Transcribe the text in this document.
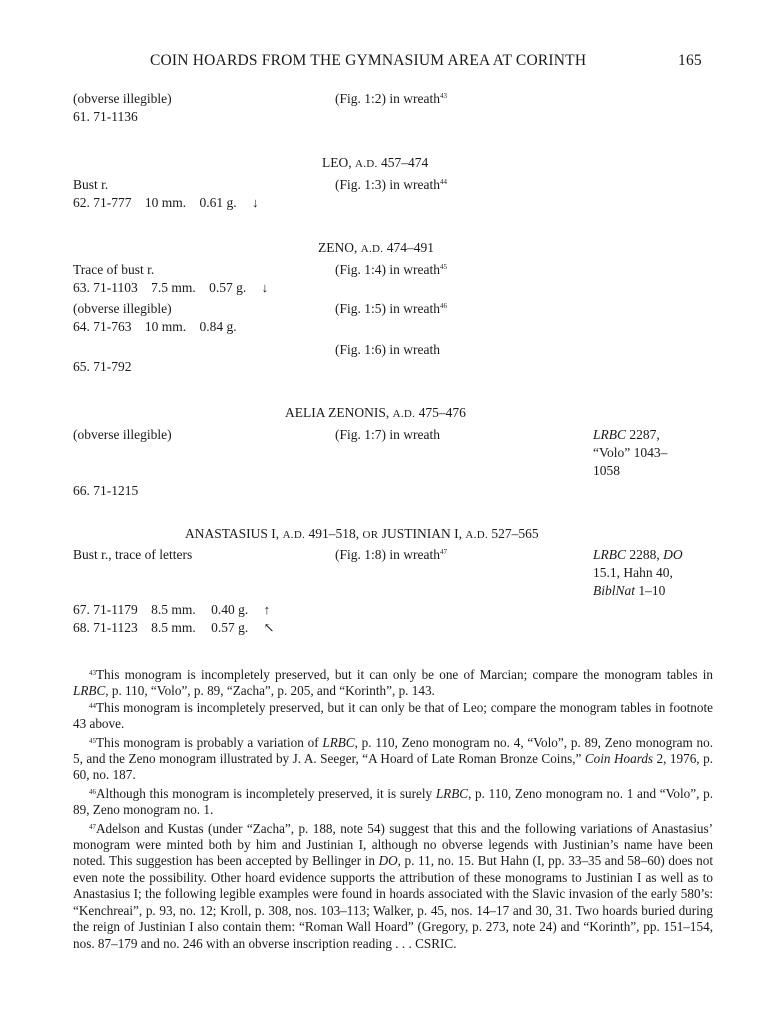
COIN HOARDS FROM THE GYMNASIUM AREA AT CORINTH	165
(obverse illegible)	(Fig. 1:2) in wreath$^{43}$
61. 71-1136
LEO, A.D. 457–474
Bust r.	(Fig. 1:3) in wreath$^{44}$
62. 71-777 10 mm. 0.61 g. ↓
ZENO, A.D. 474–491
Trace of bust r.	(Fig. 1:4) in wreath$^{45}$
63. 71-1103 7.5 mm. 0.57 g. ↓
(obverse illegible)	(Fig. 1:5) in wreath$^{46}$
64. 71-763 10 mm. 0.84 g.
(Fig. 1:6) in wreath
65. 71-792
AELIA ZENONIS, A.D. 475–476
(obverse illegible)	(Fig. 1:7) in wreath	LRBC 2287,
“Volo” 1043–
1058
66. 71-1215
ANASTASIUS I, A.D. 491–518, OR JUSTINIAN I, A.D. 527–565
Bust r., trace of letters	(Fig. 1:8) in wreath$^{47}$	LRBC 2288, DO
15.1, Hahn 40,
BiblNat 1–10
67. 71-1179 8.5 mm. 0.40 g. ↑
68. 71-1123 8.5 mm. 0.57 g. ↖

$^{43}$This monogram is incompletely preserved, but it can only be one of Marcian; compare the monogram tables in LRBC, p. 110, “Volo”, p. 89, “Zacha”, p. 205, and “Korinth”, p. 143.

$^{44}$This monogram is incompletely preserved, but it can only be that of Leo; compare the monogram tables in footnote 43 above.

$^{45}$This monogram is probably a variation of LRBC, p. 110, Zeno monogram no. 4, “Volo”, p. 89, Zeno monogram no. 5, and the Zeno monogram illustrated by J. A. Seeger, “A Hoard of Late Roman Bronze Coins,” Coin Hoards 2, 1976, p. 60, no. 187.

$^{46}$Although this monogram is incompletely preserved, it is surely LRBC, p. 110, Zeno monogram no. 1 and “Volo”, p. 89, Zeno monogram no. 1.

$^{47}$Adelson and Kustas (under “Zacha”, p. 188, note 54) suggest that this and the following variations of Anastasius’ monogram were minted both by him and Justinian I, although no obverse legends with Justinian’s name have been noted. This suggestion has been accepted by Bellinger in DO, p. 11, no. 15. But Hahn (I, pp. 33–35 and 58–60) does not even note the possibility. Other hoard evidence supports the attribution of these monograms to Justinian I as well as to Anastasius I; the following legible examples were found in hoards associated with the Slavic invasion of the early 580’s: “Kenchreai”, p. 93, no. 12; Kroll, p. 308, nos. 103–113; Walker, p. 45, nos. 14–17 and 30, 31. Two hoards buried during the reign of Justinian I also contain them: “Roman Wall Hoard” (Gregory, p. 273, note 24) and “Korinth”, pp. 151–154, nos. 87–179 and no. 246 with an obverse inscription reading . . . CSRIC.
